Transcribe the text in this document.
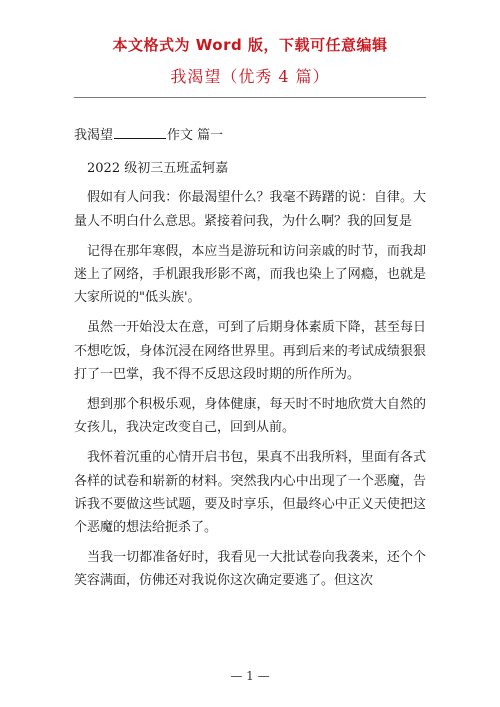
本文格式为 Word 版，下载可任意编辑
我渴望（优秀 4 篇）

我渴望	作文 篇一

2022 级初三五班孟轲嘉

假如有人问我：你最渴望什么？我毫不踌躇的说：自律。大量人不明白什么意思。紧接着问我，为什么啊？我的回复是

记得在那年寒假，本应当是游玩和访问亲戚的时节，而我却迷上了网络，手机跟我形影不离，而我也染上了网瘾，也就是大家所说的"低头族'。

虽然一开始没太在意，可到了后期身体素质下降，甚至每日不想吃饭，身体沉浸在网络世界里。再到后来的考试成绩狠狠打了一巴掌，我不得不反思这段时期的所作所为。

想到那个积极乐观，身体健康，每天时不时地欣赏大自然的女孩儿，我决定改变自己，回到从前。

我怀着沉重的心情开启书包，果真不出我所料，里面有各式各样的试卷和崭新的材料。突然我内心中出现了一个恶魔，告诉我不要做这些试题，要及时享乐，但最终心中正义天使把这个恶魔的想法给扼杀了。

当我一切都准备好时，我看见一大批试卷向我袭来，还个个笑容满面，仿佛还对我说你这次确定要逃了。但这次

— 1 —
